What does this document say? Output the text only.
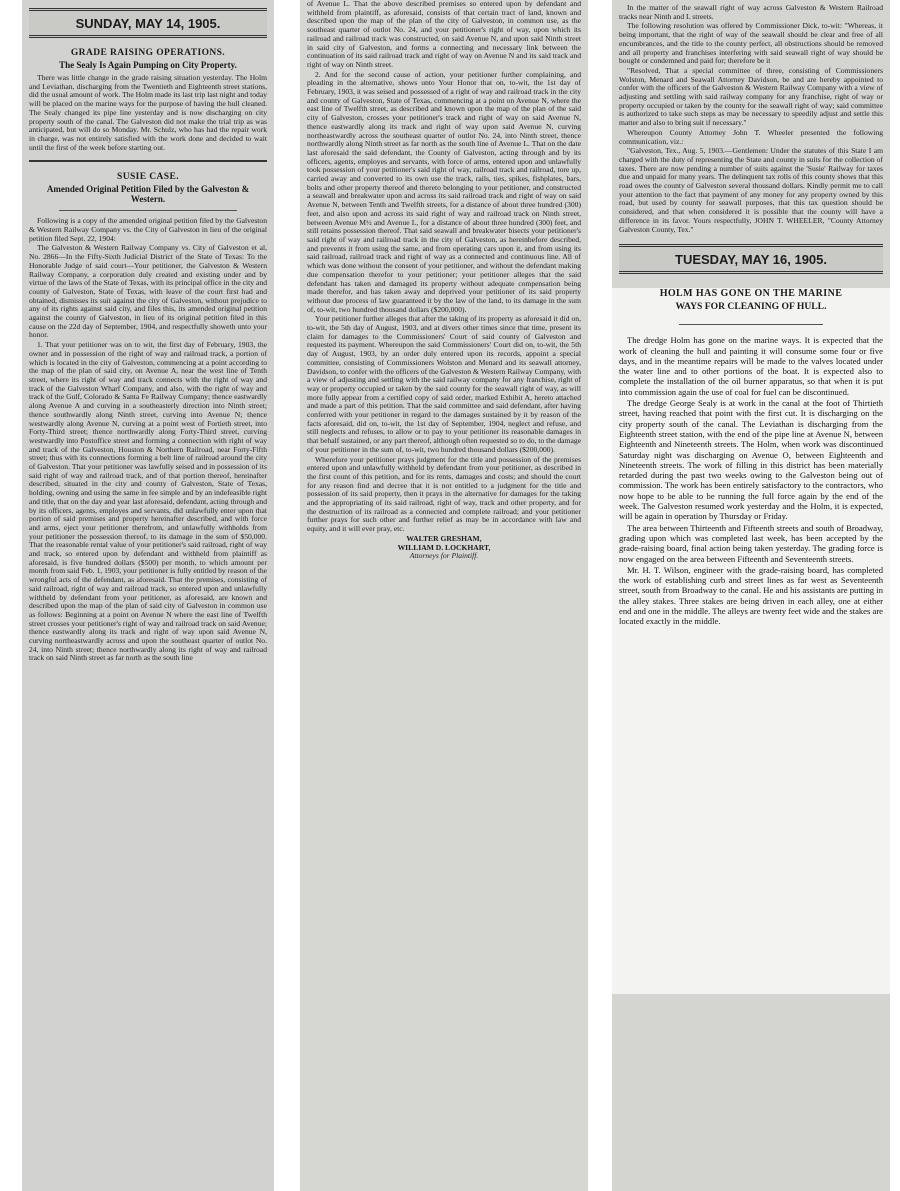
SUNDAY, MAY 14, 1905.
GRADE RAISING OPERATIONS.
The Sealy Is Again Pumping on City Property.

There was little change in the grade raising situation yesterday. The Holm and Leviathan, discharging from the Twentieth and Eighteenth street stations, did the usual amount of work. The Holm made its last trip last night and today will be placed on the marine ways for the purpose of having the hull cleaned. The Sealy changed its pipe line yesterday and is now discharging on city property south of the canal. The Galveston did not make the trial trip as was anticipated, but will do so Monday. Mr. Schulz, who has had the repair work in charge, was not entirely satisfied with the work done and decided to wait until the first of the week before starting out.

SUSIE CASE.
Amended Original Petition Filed by the Galveston & Western.

Following is a copy of the amended original petition filed by the Galveston & Western Railway Company vs. the City of Galveston in lieu of the original petition filed Sept. 22, 1904:

The Galveston & Western Railway Company vs. City of Galveston et al, No. 2866—In the Fifty-Sixth Judicial District of the State of Texas: To the Honorable Judge of said court—Your petitioner, the Galveston & Western Railway Company, a corporation duly created and existing under and by virtue of the laws of the State of Texas, with its principal office in the city and county of Galveston, State of Texas, with leave of the court first had and obtained, dismisses its suit against the city of Galveston, without prejudice to any of its rights against said city, and files this, its amended original petition against the county of Galveston, in lieu of its original petition filed in this cause on the 22d day of September, 1904, and respectfully showeth unto your honor.

1. That your petitioner was on to wit, the first day of February, 1903, the owner and in possession of the right of way and railroad track, a portion of which is located in the city of Galveston, commencing at a point according to the map of the plan of said city, on Avenue A, near the west line of Tenth street, where its right of way and track connects with the right of way and track of the Galveston Wharf Company, and also, with the right of way and track of the Gulf, Colorado & Santa Fe Railway Company; thence eastwardly along Avenue A and curving in a southeasterly direction into Ninth street; thence southwardly along Ninth street, curving into Avenue N; thence westwardly along Avenue N, curving at a point west of Fortieth street, into Forty-Third street; thence northwardly along Forty-Third street, curving westwardly into Postoffice street and forming a connection with right of way and track of the Galveston, Houston & Northern Railroad, near Forty-Fifth street; thus with its connections forming a belt line of railroad around the city of Galveston. That your petitioner was lawfully seised and in possession of its said right of way and railroad track, and of that portion thereof, hereinafter described, situated in the city and county of Galveston, State of Texas, holding, owning and using the same in fee simple and by an indefeasible right and title, that on the day and year last aforesaid, defendant, acting through and by its officers, agents, employes and servants, did unlawfully enter upon that portion of said premises and property hereinafter described, and with force and arms, eject your petitioner therefrom, and unlawfully withholds from your petitioner the possession thereof, to its damage in the sum of $50,000. That the reasonable rental value of your petitioner's said railroad, right of way and track, so entered upon by defendant and withheld from plaintiff as aforesaid, is five hundred dollars ($500) per month, to which amount per month from said Feb. 1, 1903, your petitioner is fully entitled by reason of the wrongful acts of the defendant, as aforesaid. That the premises, consisting of said railroad, right of way and railroad track, so entered upon and unlawfully withheld by defendant from your petitioner, as aforesaid, are known and described upon the map of the plan of said city of Galveston in common use as follows: Beginning at a point on Avenue N where the east line of Twelfth street crosses your petitioner's right of way and railroad track on said Avenue; thence eastwardly along its track and right of way upon said Avenue N, curving northeastwardly across and upon the southeast quarter of outlot No. 24, into Ninth street; thence northwardly along its right of way and railroad track on said Ninth street as far north as the south line

of Avenue L. That the above described premises so entered upon by defendant and withheld from plaintiff, as aforesaid, consists of that certain tract of land, known and described upon the map of the plan of the city of Galveston, in common use, as the southeast quarter of outlot No. 24, and your petitioner's right of way, upon which its railroad and railroad track was constructed, on said Avenue N, and upon said Ninth street in said city of Galveston, and forms a connecting and necessary link between the continuation of its said railroad track and right of way on Avenue N and its said track and right of way on Ninth street.

2. And for the second cause of action, your petitioner further complaining, and pleading in the alternative, shows unto Your Honor that on, to-wit, the 1st day of February, 1903, it was seised and possessed of a right of way and railroad track in the city and county of Galveston, State of Texas, commencing at a point on Avenue N, where the east line of Twelfth street, as described and known upon the map of the plan of the said city of Galveston, crosses your petitioner's track and right of way on said Avenue N, thence eastwardly along its track and right of way upon said Avenue N, curving northeastwardly across the southeast quarter of outlot No. 24, into Ninth street, thence northwardly along Ninth street as far north as the south line of Avenue L. That on the date last aforesaid the said defendant, the County of Galveston, acting through and by its officers, agents, employes and servants, with force of arms, entered upon and unlawfully took possession of your petitioner's said right of way, railroad track and railroad, tore up, carried away and converted to its own use the track, rails, ties, spikes, fishplates, bars, bolts and other property thereof and thereto belonging to your petitioner, and constructed a seawall and breakwater upon and across its said railroad track and right of way on said Avenue N, between Tenth and Twelfth streets, for a distance of about three hundred (300) feet, and also upon and across its said right of way and railroad track on Ninth street, between Avenue M½ and Avenue L, for a distance of about three hundred (300) feet, and still retains possession thereof. That said seawall and breakwater bisects your petitioner's said right of way and railroad track in the city of Galveston, as hereinbefore described, and prevents it from using the same, and from operating cars upon it, and from using its said railroad, railroad track and right of way as a connected and continuous line. All of which was done without the consent of your petitioner, and without the defendant making due compensation therefor to your petitioner; your petitioner alleges that the said defendant has taken and damaged its property without adequate compensation being made therefor, and has taken away and deprived your petitioner of its said property without due process of law guaranteed it by the law of the land, to its damage in the sum of, to-wit, two hundred thousand dollars ($200,000).

Your petitioner further alleges that after the taking of its property as aforesaid it did on, to-wit, the 5th day of August, 1903, and at divers other times since that time, present its claim for damages to the Commissioners' Court of said county of Galveston and requested its payment. Whereupon the said Commissioners' Court did on, to-wit, the 5th day of August, 1903, by an order duly entered upon its records, appoint a special committee, consisting of Commissioners Wolston and Menard and its seawall attorney, Davidson, to confer with the officers of the Galveston & Western Railway Company, with a view of adjusting and settling with the said railway company for any franchise, right of way or property occupied or taken by the said county for the seawall right of way, as will more fully appear from a certified copy of said order, marked Exhibit A, hereto attached and made a part of this petition. That the said committee and said defendant, after having conferred with your petitioner in regard to the damages sustained by it by reason of the facts aforesaid, did on, to-wit, the 1st day of September, 1904, neglect and refuse, and still neglects and refuses, to allow or to pay to your petitioner its reasonable damages in that behalf sustained, or any part thereof, although often requested so to do, to the damage of your petitioner in the sum of, to-wit, two hundred thousand dollars ($200,000).

Wherefore your petitioner prays judgment for the title and possession of the premises entered upon and unlawfully withheld by defendant from your petitioner, as described in the first count of this petition, and for its rents, damages and costs; and should the court for any reason find and decree that it is not entitled to a judgment for the title and possession of its said property, then it prays in the alternative for damages for the taking and the appropriating of its said railroad, right of way, track and other property, and for the destruction of its railroad as a connected and complete railroad; and your petitioner further prays for such other and further relief as may be in accordance with law and equity, and it will ever pray, etc.

WALTER GRESHAM,

WILLIAM D. LOCKHART,

Attorneys for Plaintiff.

In the matter of the seawall right of way across Galveston & Western Railroad tracks near Ninth and L streets.

The following resolution was offered by Commissioner Dick, to-wit: "Whereas, it being important, that the right of way of the seawall should be clear and free of all encumbrances, and the title to the county perfect, all obstructions should be removed and all property and franchises interfering with said seawall right of way should be bought or condemned and paid for; therefore be it

"Resolved, That a special committee of three, consisting of Commissioners Wolston, Menard and Seawall Attorney Davidson, be and are hereby appointed to confer with the officers of the Galveston & Western Railway Company with a view of adjusting and settling with said railway company for any franchise, right of way or property occupied or taken by the county for the seawall right of way; said committee is authorized to take such steps as may be necessary to speedily adjust and settle this matter and also to bring suit if necessary."

Whereupon County Attorney John T. Wheeler presented the following communication, viz.:

"Galveston, Tex., Aug. 5, 1903.—Gentlemen: Under the statutes of this State I am charged with the duty of representing the State and county in suits for the collection of taxes. There are now pending a number of suits against the 'Susie' Railway for taxes due and unpaid for many years. The delinquent tax rolls of this county shows that this road owes the county of Galveston several thousand dollars. Kindly permit me to call your attention to the fact that payment of any money for any property owned by this road, but used by county for seawall purposes, that this tax question should be considered, and that when considered it is possible that the county will have a difference in its favor. Yours respectfully, JOHN T. WHEELER, "County Attorney Galveston County, Tex."

TUESDAY, MAY 16, 1905.
HOLM HAS GONE ON THE MARINE
WAYS FOR CLEANING OF HULL.

The dredge Holm has gone on the marine ways. It is expected that the work of cleaning the hull and painting it will consume some four or five days, and in the meantime repairs will be made to the valves located under the water line and to other portions of the boat. It is expected also to complete the installation of the oil burner apparatus, so that when it is put into commission again the use of coal for fuel can be discontinued.

The dredge George Sealy is at work in the canal at the foot of Thirtieth street, having reached that point with the first cut. It is discharging on the city property south of the canal. The Leviathan is discharging from the Eighteenth street station, with the end of the pipe line at Avenue N, between Eighteenth and Nineteenth streets. The Holm, when work was discontinued Saturday night was discharging on Avenue O, between Eighteenth and Nineteenth streets. The work of filling in this district has been materially retarded during the past two weeks owing to the Galveston being out of commission. The work has been entirely satisfactory to the contractors, who now hope to be able to be running the full force again by the end of the week. The Galveston resumed work yesterday and the Holm, it is expected, will be again in operation by Thursday or Friday.

The area between Thirteenth and Fifteenth streets and south of Broadway, grading upon which was completed last week, has been accepted by the grade-raising board, final action being taken yesterday. The grading force is now engaged on the area between Fifteenth and Seventeenth streets.

Mr. H. T. Wilson, engineer with the grade-raising board, has completed the work of establishing curb and street lines as far west as Seventeenth street, south from Broadway to the canal. He and his assistants are putting in the alley stakes. Three stakes are being driven in each alley, one at either end and one in the middle. The alleys are twenty feet wide and the stakes are located exactly in the middle.
